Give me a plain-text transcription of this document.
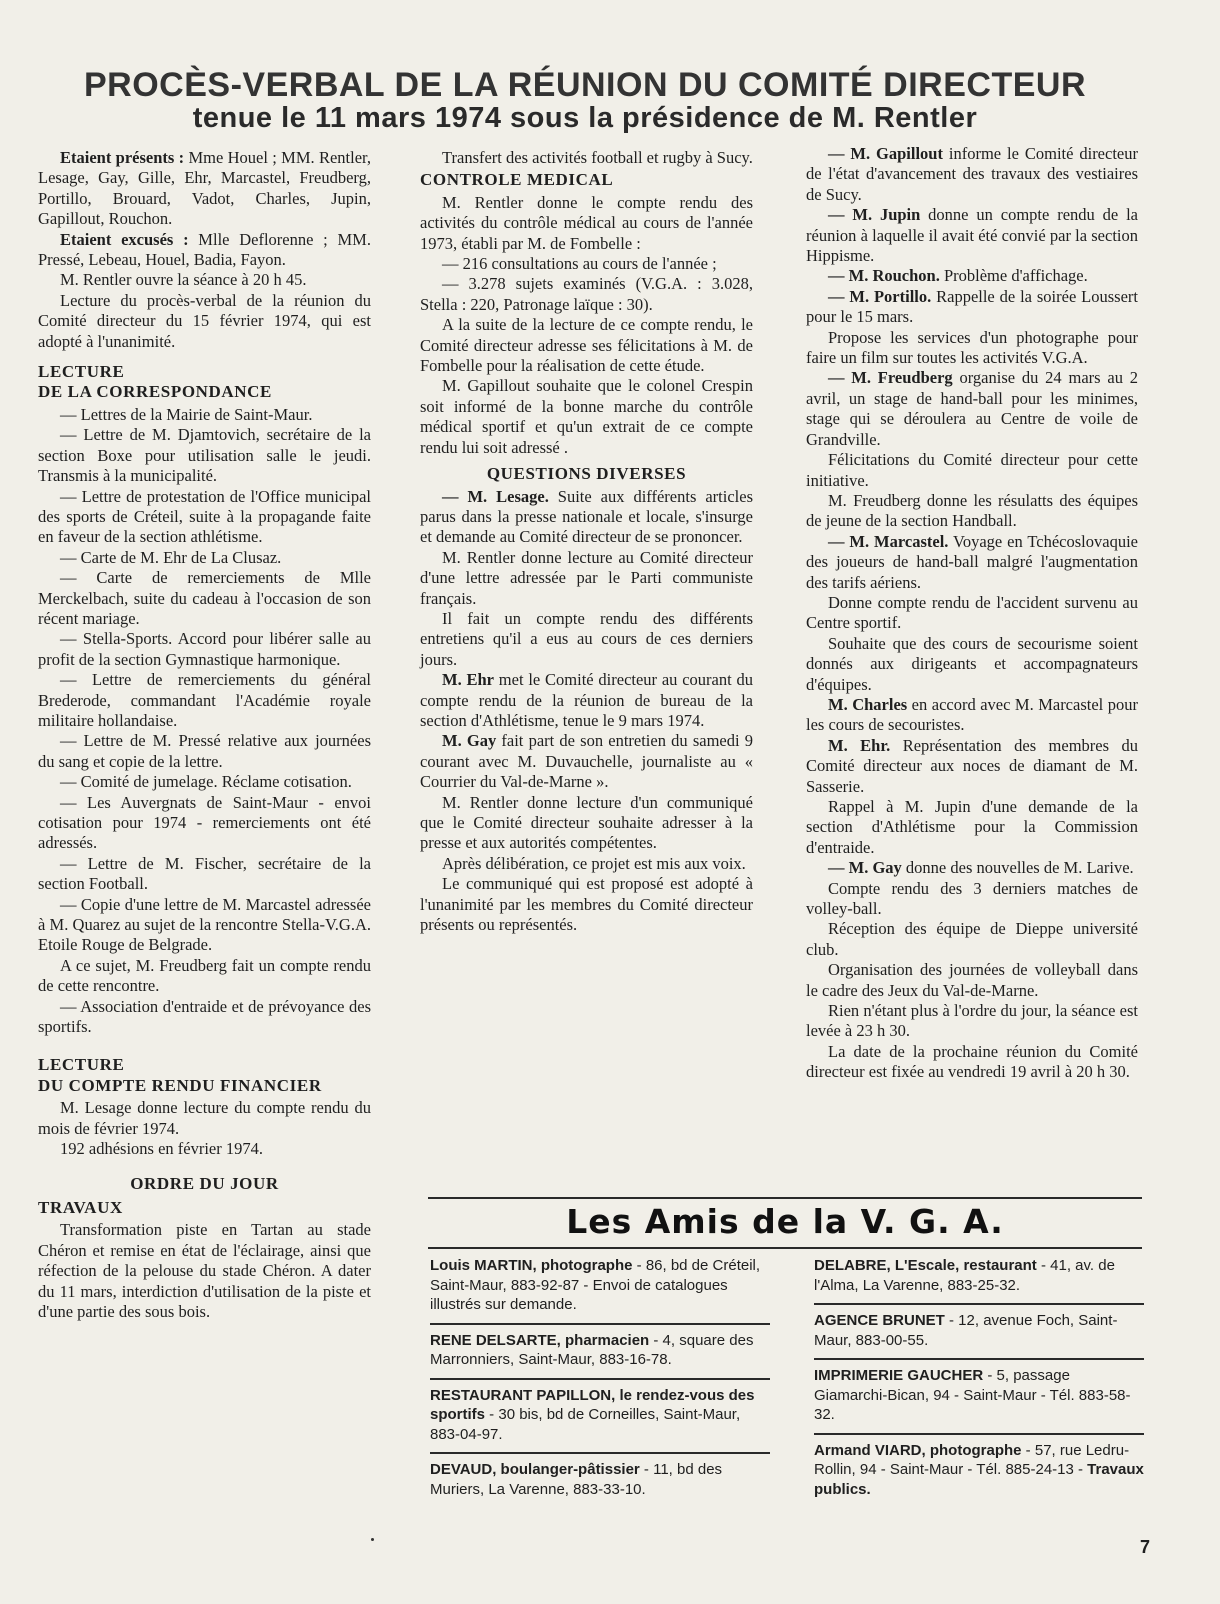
PROCÈS-VERBAL DE LA RÉUNION DU COMITÉ DIRECTEUR
tenue le 11 mars 1974 sous la présidence de M. Rentler

Etaient présents : Mme Houel ; MM. Rentler, Lesage, Gay, Gille, Ehr, Marcastel, Freudberg, Portillo, Brouard, Vadot, Charles, Jupin, Gapillout, Rouchon.

Etaient excusés : Mlle Deflorenne ; MM. Pressé, Lebeau, Houel, Badia, Fayon.

M. Rentler ouvre la séance à 20 h 45.

Lecture du procès-verbal de la réunion du Comité directeur du 15 février 1974, qui est adopté à l'unanimité.

LECTURE
DE LA CORRESPONDANCE

— Lettres de la Mairie de Saint-Maur.

— Lettre de M. Djamtovich, secrétaire de la section Boxe pour utilisation salle le jeudi. Transmis à la municipalité.

— Lettre de protestation de l'Office municipal des sports de Créteil, suite à la propagande faite en faveur de la section athlétisme.

— Carte de M. Ehr de La Clusaz.

— Carte de remerciements de Mlle Merckelbach, suite du cadeau à l'occasion de son récent mariage.

— Stella-Sports. Accord pour libérer salle au profit de la section Gymnastique harmonique.

— Lettre de remerciements du général Brederode, commandant l'Académie royale militaire hollandaise.

— Lettre de M. Pressé relative aux journées du sang et copie de la lettre.

— Comité de jumelage. Réclame cotisation.

— Les Auvergnats de Saint-Maur - envoi cotisation pour 1974 - remerciements ont été adressés.

— Lettre de M. Fischer, secrétaire de la section Football.

— Copie d'une lettre de M. Marcastel adressée à M. Quarez au sujet de la rencontre Stella-V.G.A. Etoile Rouge de Belgrade.

A ce sujet, M. Freudberg fait un compte rendu de cette rencontre.

— Association d'entraide et de prévoyance des sportifs.

LECTURE
DU COMPTE RENDU FINANCIER

M. Lesage donne lecture du compte rendu du mois de février 1974.

192 adhésions en février 1974.

ORDRE DU JOUR
TRAVAUX

Transformation piste en Tartan au stade Chéron et remise en état de l'éclairage, ainsi que réfection de la pelouse du stade Chéron. A dater du 11 mars, interdiction d'utilisation de la piste et d'une partie des sous bois.

Transfert des activités football et rugby à Sucy.

CONTROLE MEDICAL

M. Rentler donne le compte rendu des activités du contrôle médical au cours de l'année 1973, établi par M. de Fombelle :

— 216 consultations au cours de l'année ;

— 3.278 sujets examinés (V.G.A. : 3.028, Stella : 220, Patronage laïque : 30).

A la suite de la lecture de ce compte rendu, le Comité directeur adresse ses félicitations à M. de Fombelle pour la réalisation de cette étude.

M. Gapillout souhaite que le colonel Crespin soit informé de la bonne marche du contrôle médical sportif et qu'un extrait de ce compte rendu lui soit adressé .

QUESTIONS DIVERSES

— M. Lesage. Suite aux différents articles parus dans la presse nationale et locale, s'insurge et demande au Comité directeur de se prononcer.

M. Rentler donne lecture au Comité directeur d'une lettre adressée par le Parti communiste français.

Il fait un compte rendu des différents entretiens qu'il a eus au cours de ces derniers jours.

M. Ehr met le Comité directeur au courant du compte rendu de la réunion de bureau de la section d'Athlétisme, tenue le 9 mars 1974.

M. Gay fait part de son entretien du samedi 9 courant avec M. Duvauchelle, journaliste au « Courrier du Val-de-Marne ».

M. Rentler donne lecture d'un communiqué que le Comité directeur souhaite adresser à la presse et aux autorités compétentes.

Après délibération, ce projet est mis aux voix.

Le communiqué qui est proposé est adopté à l'unanimité par les membres du Comité directeur présents ou représentés.

— M. Gapillout informe le Comité directeur de l'état d'avancement des travaux des vestiaires de Sucy.

— M. Jupin donne un compte rendu de la réunion à laquelle il avait été convié par la section Hippisme.

— M. Rouchon. Problème d'affichage.

— M. Portillo. Rappelle de la soirée Loussert pour le 15 mars.

Propose les services d'un photographe pour faire un film sur toutes les activités V.G.A.

— M. Freudberg organise du 24 mars au 2 avril, un stage de hand-ball pour les minimes, stage qui se déroulera au Centre de voile de Grandville.

Félicitations du Comité directeur pour cette initiative.

M. Freudberg donne les résulatts des équipes de jeune de la section Handball.

— M. Marcastel. Voyage en Tchécoslovaquie des joueurs de hand-ball malgré l'augmentation des tarifs aériens.

Donne compte rendu de l'accident survenu au Centre sportif.

Souhaite que des cours de secourisme soient donnés aux dirigeants et accompagnateurs d'équipes.

M. Charles en accord avec M. Marcastel pour les cours de secouristes.

M. Ehr. Représentation des membres du Comité directeur aux noces de diamant de M. Sasserie.

Rappel à M. Jupin d'une demande de la section d'Athlétisme pour la Commission d'entraide.

— M. Gay donne des nouvelles de M. Larive.

Compte rendu des 3 derniers matches de volley-ball.

Réception des équipe de Dieppe université club.

Organisation des journées de volleyball dans le cadre des Jeux du Val-de-Marne.

Rien n'étant plus à l'ordre du jour, la séance est levée à 23 h 30.

La date de la prochaine réunion du Comité directeur est fixée au vendredi 19 avril à 20 h 30.

Les Amis de la V. G. A.
Louis MARTIN, photographe - 86, bd de Créteil, Saint-Maur, 883-92-87 - Envoi de catalogues illustrés sur demande.
RENE DELSARTE, pharmacien - 4, square des Marronniers, Saint-Maur, 883-16-78.
RESTAURANT PAPILLON, le rendez-vous des sportifs - 30 bis, bd de Corneilles, Saint-Maur, 883-04-97.
DEVAUD, boulanger-pâtissier - 11, bd des Muriers, La Varenne, 883-33-10.
DELABRE, L'Escale, restaurant - 41, av. de l'Alma, La Varenne, 883-25-32.
AGENCE BRUNET - 12, avenue Foch, Saint-Maur, 883-00-55.
IMPRIMERIE GAUCHER - 5, passage Giamarchi-Bican, 94 - Saint-Maur - Tél. 883-58-32.
Armand VIARD, photographe - 57, rue Ledru-Rollin, 94 - Saint-Maur - Tél. 885-24-13 - Travaux publics.
7
